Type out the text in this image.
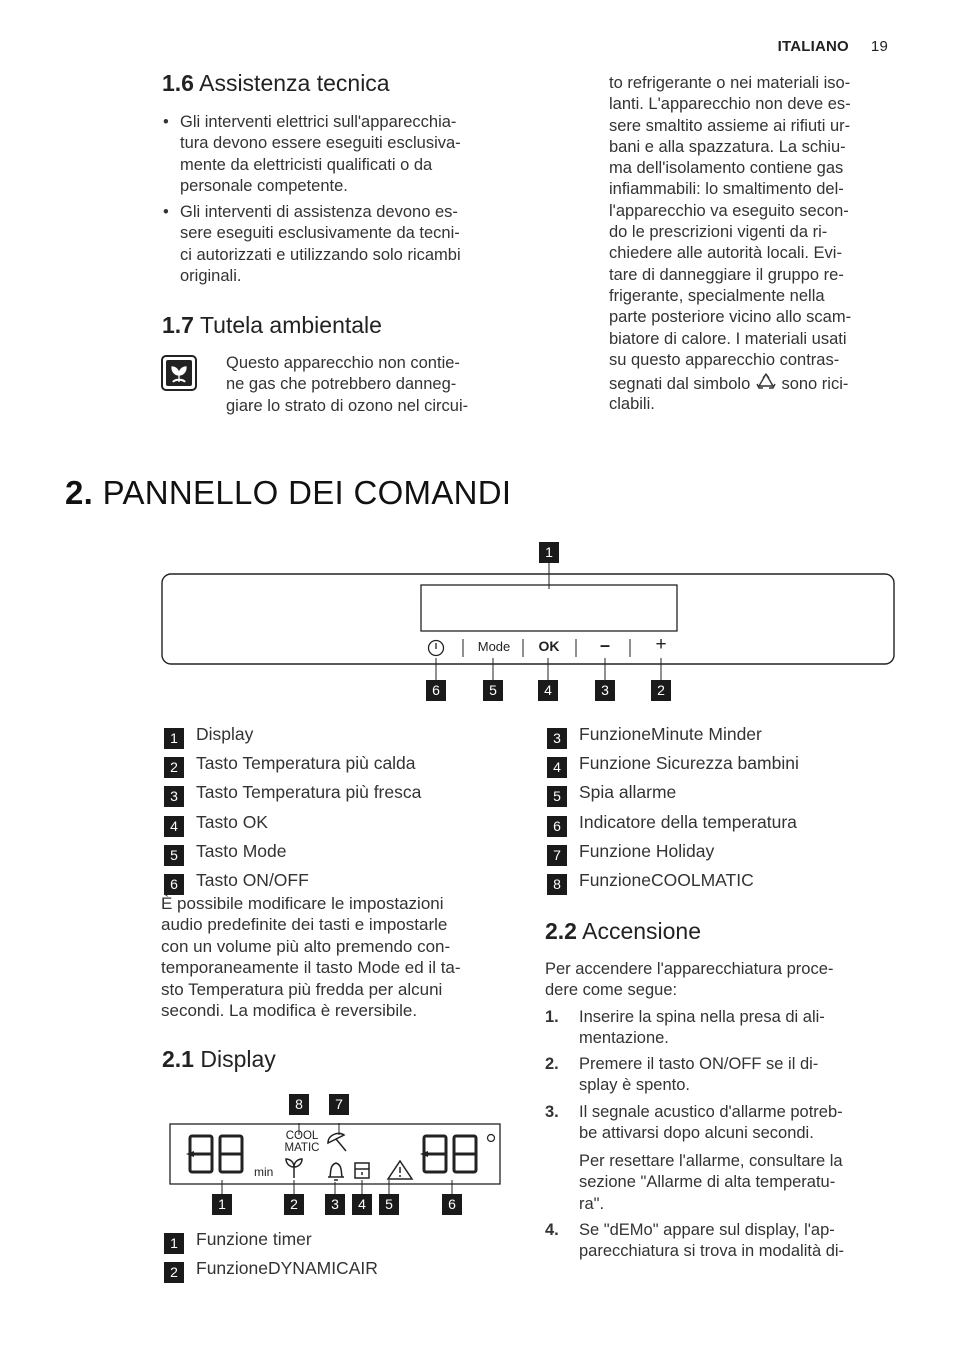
ITALIANO 19
1.6 Assistenza tecnica
• Gli interventi elettrici sull'apparecchia-
tura devono essere eseguiti esclusiva-
mente da elettricisti qualificati o da
personale competente.
• Gli interventi di assistenza devono es-
sere eseguiti esclusivamente da tecni-
ci autorizzati e utilizzando solo ricambi
originali.
1.7 Tutela ambientale
Questo apparecchio non contie-
ne gas che potrebbero danneg-
giare lo strato di ozono nel circui-
to refrigerante o nei materiali iso-
lanti. L'apparecchio non deve es-
sere smaltito assieme ai rifiuti ur-
bani e alla spazzatura. La schiu-
ma dell'isolamento contiene gas
infiammabili: lo smaltimento del-
l'apparecchio va eseguito secon-
do le prescrizioni vigenti da ri-
chiedere alle autorità locali. Evi-
tare di danneggiare il gruppo re-
frigerante, specialmente nella
parte posteriore vicino allo scam-
biatore di calore. I materiali usati
su questo apparecchio contras-
segnati dal simbolo sono rici-
clabili.
2. PANNELLO DEI COMANDI
1
Mode	OK	–	+
6	5	4	3	2
1	Display
2	Tasto Temperatura più calda
3	Tasto Temperatura più fresca
4	Tasto OK
5	Tasto Mode
6	Tasto ON/OFF
È possibile modificare le impostazioni
audio predefinite dei tasti e impostarle
con un volume più alto premendo con-
temporaneamente il tasto Mode ed il ta-
sto Temperatura più fredda per alcuni
secondi. La modifica è reversibile.
2.1 Display
COOL
MATIC
min
8	7
1	2	3	4	5	6
1	Funzione timer
2	FunzioneDYNAMICAIR
3	FunzioneMinute Minder
4	Funzione Sicurezza bambini
5	Spia allarme
6	Indicatore della temperatura
7	Funzione Holiday
8	FunzioneCOOLMATIC
2.2 Accensione
Per accendere l'apparecchiatura proce-
dere come segue:
1. Inserire la spina nella presa di ali-
mentazione.
2. Premere il tasto ON/OFF se il di-
splay è spento.
3. Il segnale acustico d'allarme potreb-
be attivarsi dopo alcuni secondi.
Per resettare l'allarme, consultare la
sezione "Allarme di alta temperatu-
ra".
4. Se "dEMo" appare sul display, l'ap-
parecchiatura si trova in modalità di-
